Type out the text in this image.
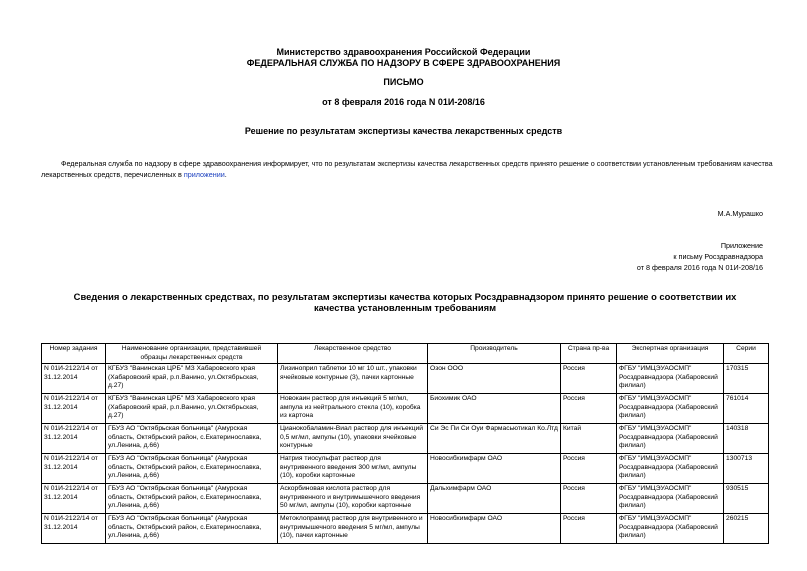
Министерство здравоохранения Российской Федерации
ФЕДЕРАЛЬНАЯ СЛУЖБА ПО НАДЗОРУ В СФЕРЕ ЗДРАВООХРАНЕНИЯ
ПИСЬМО
от 8 февраля 2016 года N 01И-208/16
Решение по результатам экспертизы качества лекарственных средств
Федеральная служба по надзору в сфере здравоохранения информирует, что по результатам экспертизы качества лекарственных средств принято решение о соответствии установленным требованиям качества лекарственных средств, перечисленных в приложении.
М.А.Мурашко
Приложение
к письму Росздравнадзора
от 8 февраля 2016 года N 01И-208/16
Сведения о лекарственных средствах, по результатам экспертизы качества которых Росздравнадзором принято решение о соответствии их качества установленным требованиям
Номер задания	Наименование организации, представившей образцы лекарственных средств	Лекарственное средство	Производитель	Страна пр-ва	Экспертная организация	Серии
N 01И-2122/14 от 31.12.2014	КГБУЗ "Ванинская ЦРБ" МЗ Хабаровского края (Хабаровский край, р.п.Ванино, ул.Октябрьская, д.27)	Лизиноприл таблетки 10 мг 10 шт., упаковки ячейковые контурные (3), пачки картонные	Озон ООО	Россия	ФГБУ "ИМЦЭУАОСМП" Росздравнадзора (Хабаровский филиал)	170315
N 01И-2122/14 от 31.12.2014	КГБУЗ "Ванинская ЦРБ" МЗ Хабаровского края (Хабаровский край, р.п.Ванино, ул.Октябрьская, д.27)	Новокаин раствор для инъекций 5 мг/мл, ампула из нейтрального стекла (10), коробка из картона	Биохимик ОАО	Россия	ФГБУ "ИМЦЭУАОСМП" Росздравнадзора (Хабаровский филиал)	761014
N 01И-2122/14 от 31.12.2014	ГБУЗ АО "Октябрьская больница" (Амурская область, Октябрьский район, с.Екатеринославка, ул.Ленина, д.66)	Цианокобаламин-Виал раствор для инъекций 0,5 мг/мл, ампулы (10), упаковки ячейковые контурные	Си Эс Пи Си Оуи Фармасьютикал Ко.Лтд	Китай	ФГБУ "ИМЦЭУАОСМП" Росздравнадзора (Хабаровский филиал)	140318
N 01И-2122/14 от 31.12.2014	ГБУЗ АО "Октябрьская больница" (Амурская область, Октябрьский район, с.Екатеринославка, ул.Ленина, д.66)	Натрия тиосульфат раствор для внутривенного введения 300 мг/мл, ампулы (10), коробки картонные	Новосибхимфарм ОАО	Россия	ФГБУ "ИМЦЭУАОСМП" Росздравнадзора (Хабаровский филиал)	1300713
N 01И-2122/14 от 31.12.2014	ГБУЗ АО "Октябрьская больница" (Амурская область, Октябрьский район, с.Екатеринославка, ул.Ленина, д.66)	Аскорбиновая кислота раствор для внутривенного и внутримышечного введения 50 мг/мл, ампулы (10), коробки картонные	Дальхимфарм ОАО	Россия	ФГБУ "ИМЦЭУАОСМП" Росздравнадзора (Хабаровский филиал)	930515
N 01И-2122/14 от 31.12.2014	ГБУЗ АО "Октябрьская больница" (Амурская область, Октябрьский район, с.Екатеринославка, ул.Ленина, д.66)	Метоклопрамид раствор для внутривенного и внутримышечного введения 5 мг/мл, ампулы (10), пачки картонные	Новосибхимфарм ОАО	Россия	ФГБУ "ИМЦЭУАОСМП" Росздравнадзора (Хабаровский филиал)	260215
